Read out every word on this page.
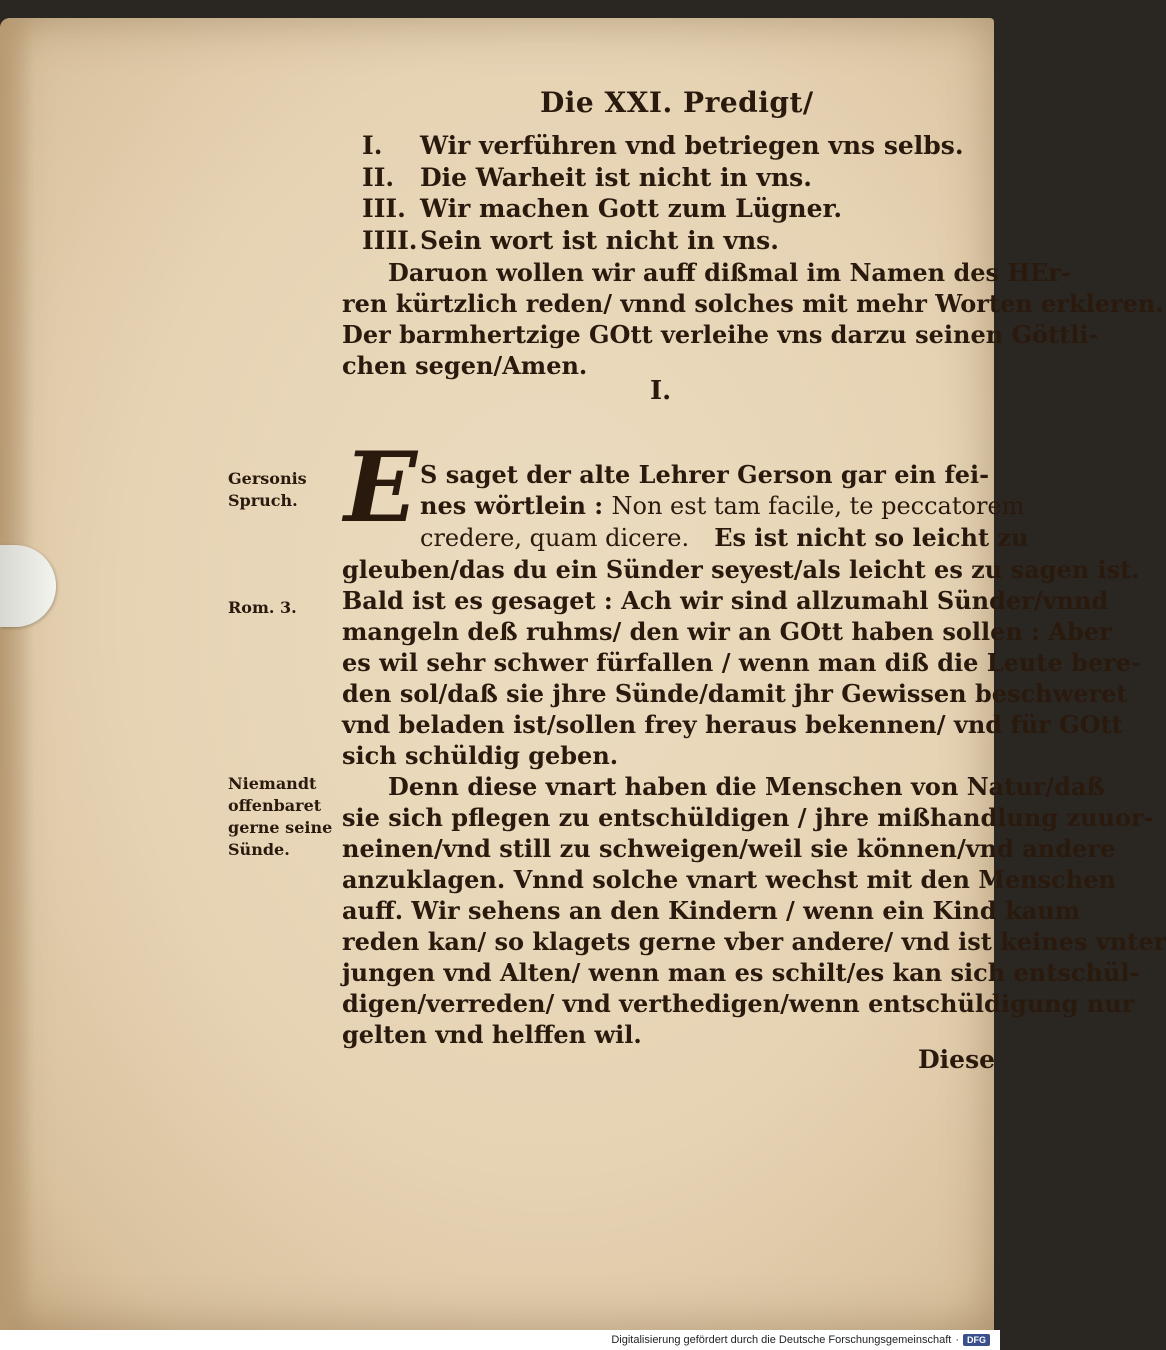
Die XXI. Predigt/
I. Wir verführen vnd betriegen vns selbs.
II. Die Warheit ist nicht in vns.
III. Wir machen Gott zum Lügner.
IIII. Sein wort ist nicht in vns.
Daruon wollen wir auff dißmal im Namen des HEr-
ren kürtzlich reden/ vnnd solches mit mehr Worten erkleren.
Der barmhertzige GOtt verleihe vns darzu seinen Göttli-
chen segen/Amen.
I.
E S saget der alte Lehrer Gerson gar ein fei-
nes wörtlein : Non est tam facile, te peccatorem
credere, quam dicere. Es ist nicht so leicht zu
gleuben/das du ein Sünder seyest/als leicht es zu sagen ist.
Bald ist es gesaget : Ach wir sind allzumahl Sünder/vnnd
mangeln deß ruhms/ den wir an GOtt haben sollen : Aber
es wil sehr schwer fürfallen / wenn man diß die Leute bere-
den sol/daß sie jhre Sünde/damit jhr Gewissen beschweret
vnd beladen ist/sollen frey heraus bekennen/ vnd für GOtt
sich schüldig geben.
Denn diese vnart haben die Menschen von Natur/daß
sie sich pflegen zu entschüldigen / jhre mißhandlung zuuor-
neinen/vnd still zu schweigen/weil sie können/vnd andere
anzuklagen. Vnnd solche vnart wechst mit den Menschen
auff. Wir sehens an den Kindern / wenn ein Kind kaum
reden kan/ so klagets gerne vber andere/ vnd ist keines vnter
jungen vnd Alten/ wenn man es schilt/es kan sich entschül-
digen/verreden/ vnd verthedigen/wenn entschüldigung nur
gelten vnd helffen wil.
Gersonis
Spruch.
Rom. 3.
Niemandt
offenbaret
gerne seine
Sünde.
Diese
Digitalisierung gefördert durch die Deutsche Forschungsgemeinschaft · DFG
